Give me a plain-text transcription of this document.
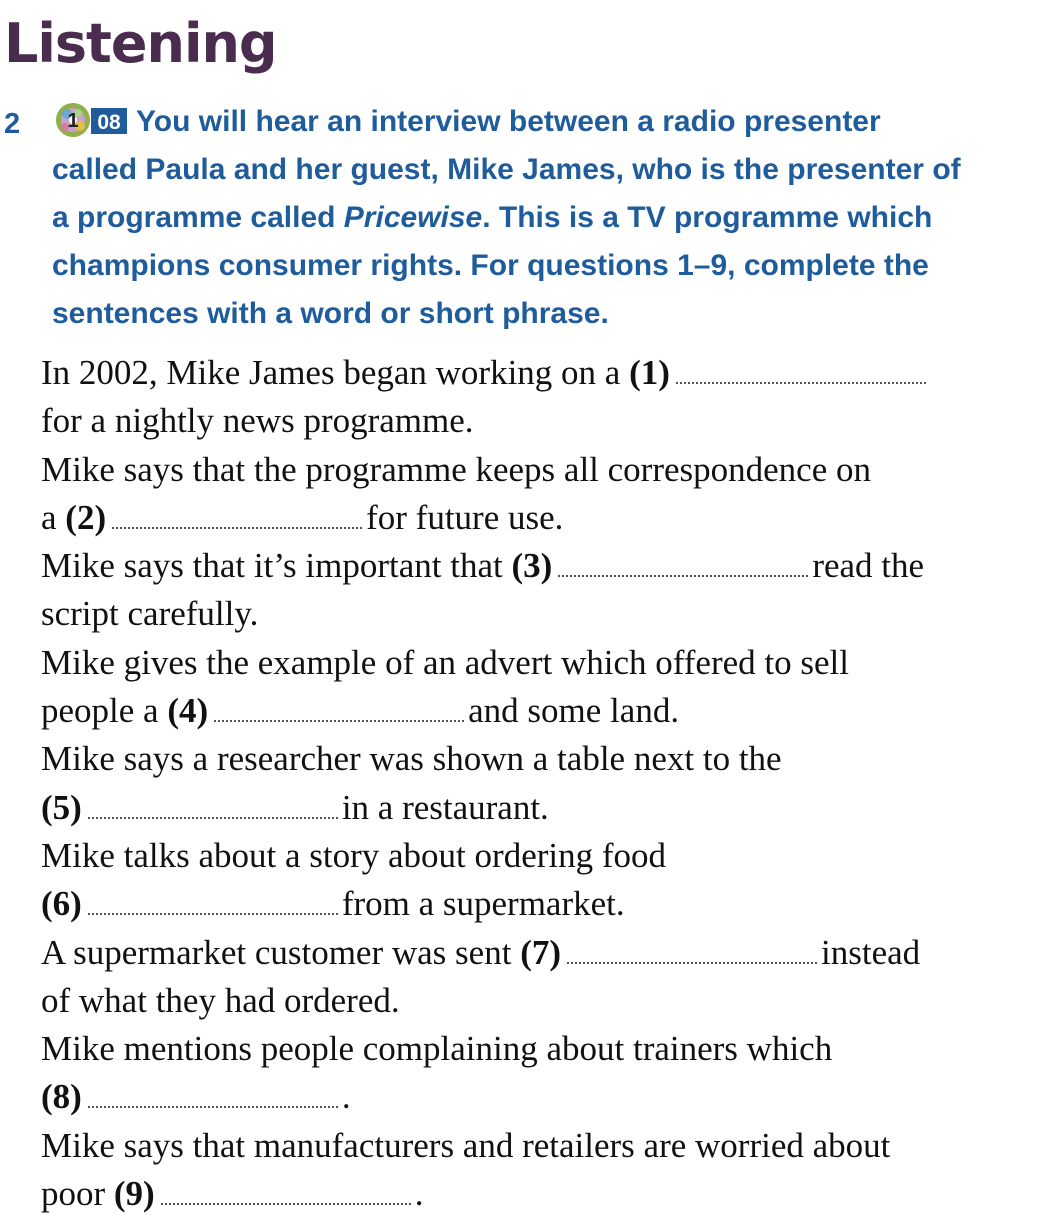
Listening
2 1 08 You will hear an interview between a radio presenter
called Paula and her guest, Mike James, who is the presenter of
a programme called Pricewise. This is a TV programme which
champions consumer rights. For questions 1–9, complete the
sentences with a word or short phrase.
In 2002, Mike James began working on a (1)
for a nightly news programme.
Mike says that the programme keeps all correspondence on
a (2)	for future use.
Mike says that it’s important that (3)	read the
script carefully.
Mike gives the example of an advert which offered to sell
people a (4)	and some land.
Mike says a researcher was shown a table next to the
(5)	in a restaurant.
Mike talks about a story about ordering food
(6)	from a supermarket.
A supermarket customer was sent (7)	instead
of what they had ordered.
Mike mentions people complaining about trainers which
(8)	.
Mike says that manufacturers and retailers are worried about
poor (9)	.
